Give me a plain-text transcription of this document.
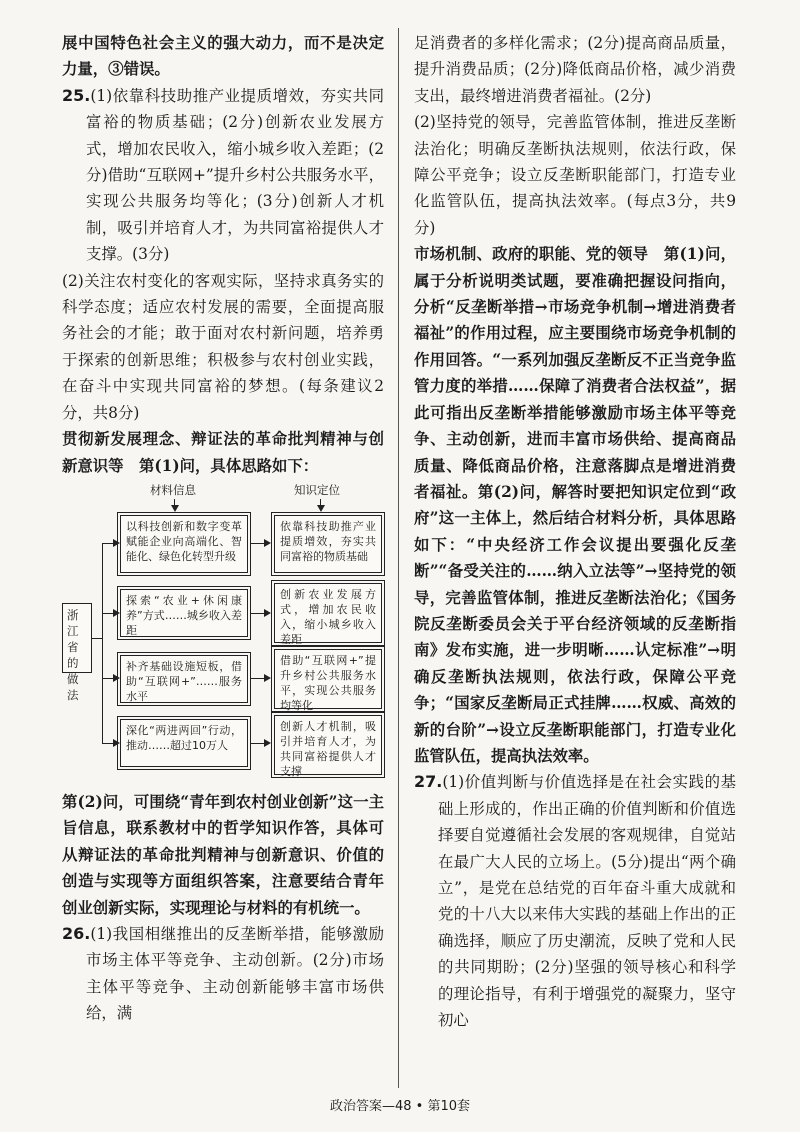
展中国特色社会主义的强大动力，而不是决定力量，③错误。

25.(1)依靠科技助推产业提质增效，夯实共同富裕的物质基础；(2分)创新农业发展方式，增加农民收入，缩小城乡收入差距；(2分)借助“互联网+”提升乡村公共服务水平，实现公共服务均等化；(3分)创新人才机制，吸引并培育人才，为共同富裕提供人才支撑。(3分)

(2)关注农村变化的客观实际，坚持求真务实的科学态度；适应农村发展的需要，全面提高服务社会的才能；敢于面对农村新问题，培养勇于探索的创新思维；积极参与农村创业实践，在奋斗中实现共同富裕的梦想。(每条建议2分，共8分)

贯彻新发展理念、辩证法的革命批判精神与创新意识等　 第(1)问，具体思路如下：

材料信息	知识定位
浙江省的做法
以科技创新和数字变革赋能企业向高端化、智能化、绿色化转型升级
探索“农业+休闲康养”方式……城乡收入差距
补齐基础设施短板，借助“互联网+”……服务水平
深化“两进两回”行动，推动……超过10万人
依靠科技助推产业提质增效，夯实共同富裕的物质基础
创新农业发展方式，增加农民收入，缩小城乡收入差距
借助“互联网+”提升乡村公共服务水平，实现公共服务均等化
创新人才机制，吸引并培育人才，为共同富裕提供人才支撑

第(2)问，可围绕“青年到农村创业创新”这一主旨信息，联系教材中的哲学知识作答，具体可从辩证法的革命批判精神与创新意识、价值的创造与实现等方面组织答案，注意要结合青年创业创新实际，实现理论与材料的有机统一。

26.(1)我国相继推出的反垄断举措，能够激励市场主体平等竞争、主动创新。(2分)市场主体平等竞争、主动创新能够丰富市场供给，满

足消费者的多样化需求；(2分)提高商品质量，提升消费品质；(2分)降低商品价格，减少消费支出，最终增进消费者福祉。(2分)

(2)坚持党的领导，完善监管体制，推进反垄断法治化；明确反垄断执法规则，依法行政，保障公平竞争；设立反垄断职能部门，打造专业化监管队伍，提高执法效率。(每点3分，共9分)

市场机制、政府的职能、党的领导　 第(1)问，属于分析说明类试题，要准确把握设问指向，分析“反垄断举措→市场竞争机制→增进消费者福祉”的作用过程，应主要围绕市场竞争机制的作用回答。“一系列加强反垄断反不正当竞争监管力度的举措……保障了消费者合法权益”，据此可指出反垄断举措能够激励市场主体平等竞争、主动创新，进而丰富市场供给、提高商品质量、降低商品价格，注意落脚点是增进消费者福祉。第(2)问，解答时要把知识定位到“政府”这一主体上，然后结合材料分析，具体思路如下：“中央经济工作会议提出要强化反垄断”“备受关注的……纳入立法等”→坚持党的领导，完善监管体制，推进反垄断法治化；《国务院反垄断委员会关于平台经济领域的反垄断指南》发布实施，进一步明晰……认定标准”→明确反垄断执法规则，依法行政，保障公平竞争；“国家反垄断局正式挂牌……权威、高效的新的台阶”→设立反垄断职能部门，打造专业化监管队伍，提高执法效率。

27.(1)价值判断与价值选择是在社会实践的基础上形成的，作出正确的价值判断和价值选择要自觉遵循社会发展的客观规律，自觉站在最广大人民的立场上。(5分)提出“两个确立”，是党在总结党的百年奋斗重大成就和党的十八大以来伟大实践的基础上作出的正确选择，顺应了历史潮流，反映了党和人民的共同期盼；(2分)坚强的领导核心和科学的理论指导，有利于增强党的凝聚力，坚守初心

政治答案—48 • 第10套
